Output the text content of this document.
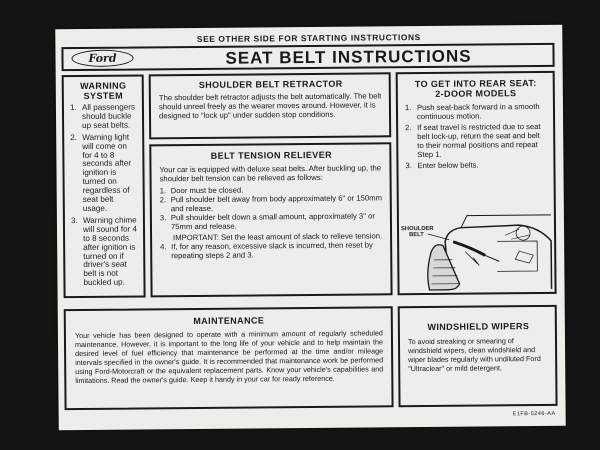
SEE OTHER SIDE FOR STARTING INSTRUCTIONS
Ford	SEAT BELT INSTRUCTIONS
WARNING
SYSTEM
1. All passengers should buckle up seat belts.
2. Warning light will come on for 4 to 8 seconds after ignition is turned on regardless of seat belt usage.
3. Warning chime will sound for 4 to 8 seconds after ignition is turned on if driver's seat belt is not buckled up.
SHOULDER BELT RETRACTOR
The shoulder belt retractor adjusts the belt automatically. The belt should unreel freely as the wearer moves around. However, it is designed to "lock up" under sudden stop conditions.
BELT TENSION RELIEVER
Your car is equipped with deluxe seat belts. After buckling up, the shoulder belt tension can be relieved as follows:
1. Door must be closed.
2. Pull shoulder belt away from body approximately 6" or 150mm and release.
3. Pull shoulder belt down a small amount, approximately 3" or 75mm and release.
IMPORTANT: Set the least amount of slack to relieve tension.
4. If, for any reason, excessive slack is incurred, then reset by repeating steps 2 and 3.
TO GET INTO REAR SEAT:
2-DOOR MODELS
1. Push seat-back forward in a smooth continuous motion.
2. If seat travel is restricted due to seat belt lock-up, return the seat and belt to their normal positions and repeat Step 1.
3. Enter below belts.
SHOULDER
BELT
MAINTENANCE
Your vehicle has been designed to operate with a minimum amount of regularly scheduled maintenance. However, it is important to the long life of your vehicle and to help maintain the desired level of fuel efficiency that maintenance be performed at the time and/or mileage intervals specified in the owner's guide. It is recommended that maintenance work be performed using Ford-Motorcraft or the equivalent replacement parts. Know your vehicle's capabilities and limitations. Read the owner's guide. Keep it handy in your car for ready reference.
WINDSHIELD WIPERS
To avoid streaking or smearing of windshield wipers, clean windshield and wiper blades regularly with undiluted Ford "Ultraclear" or mild detergent.
E1FB-5246-AA
